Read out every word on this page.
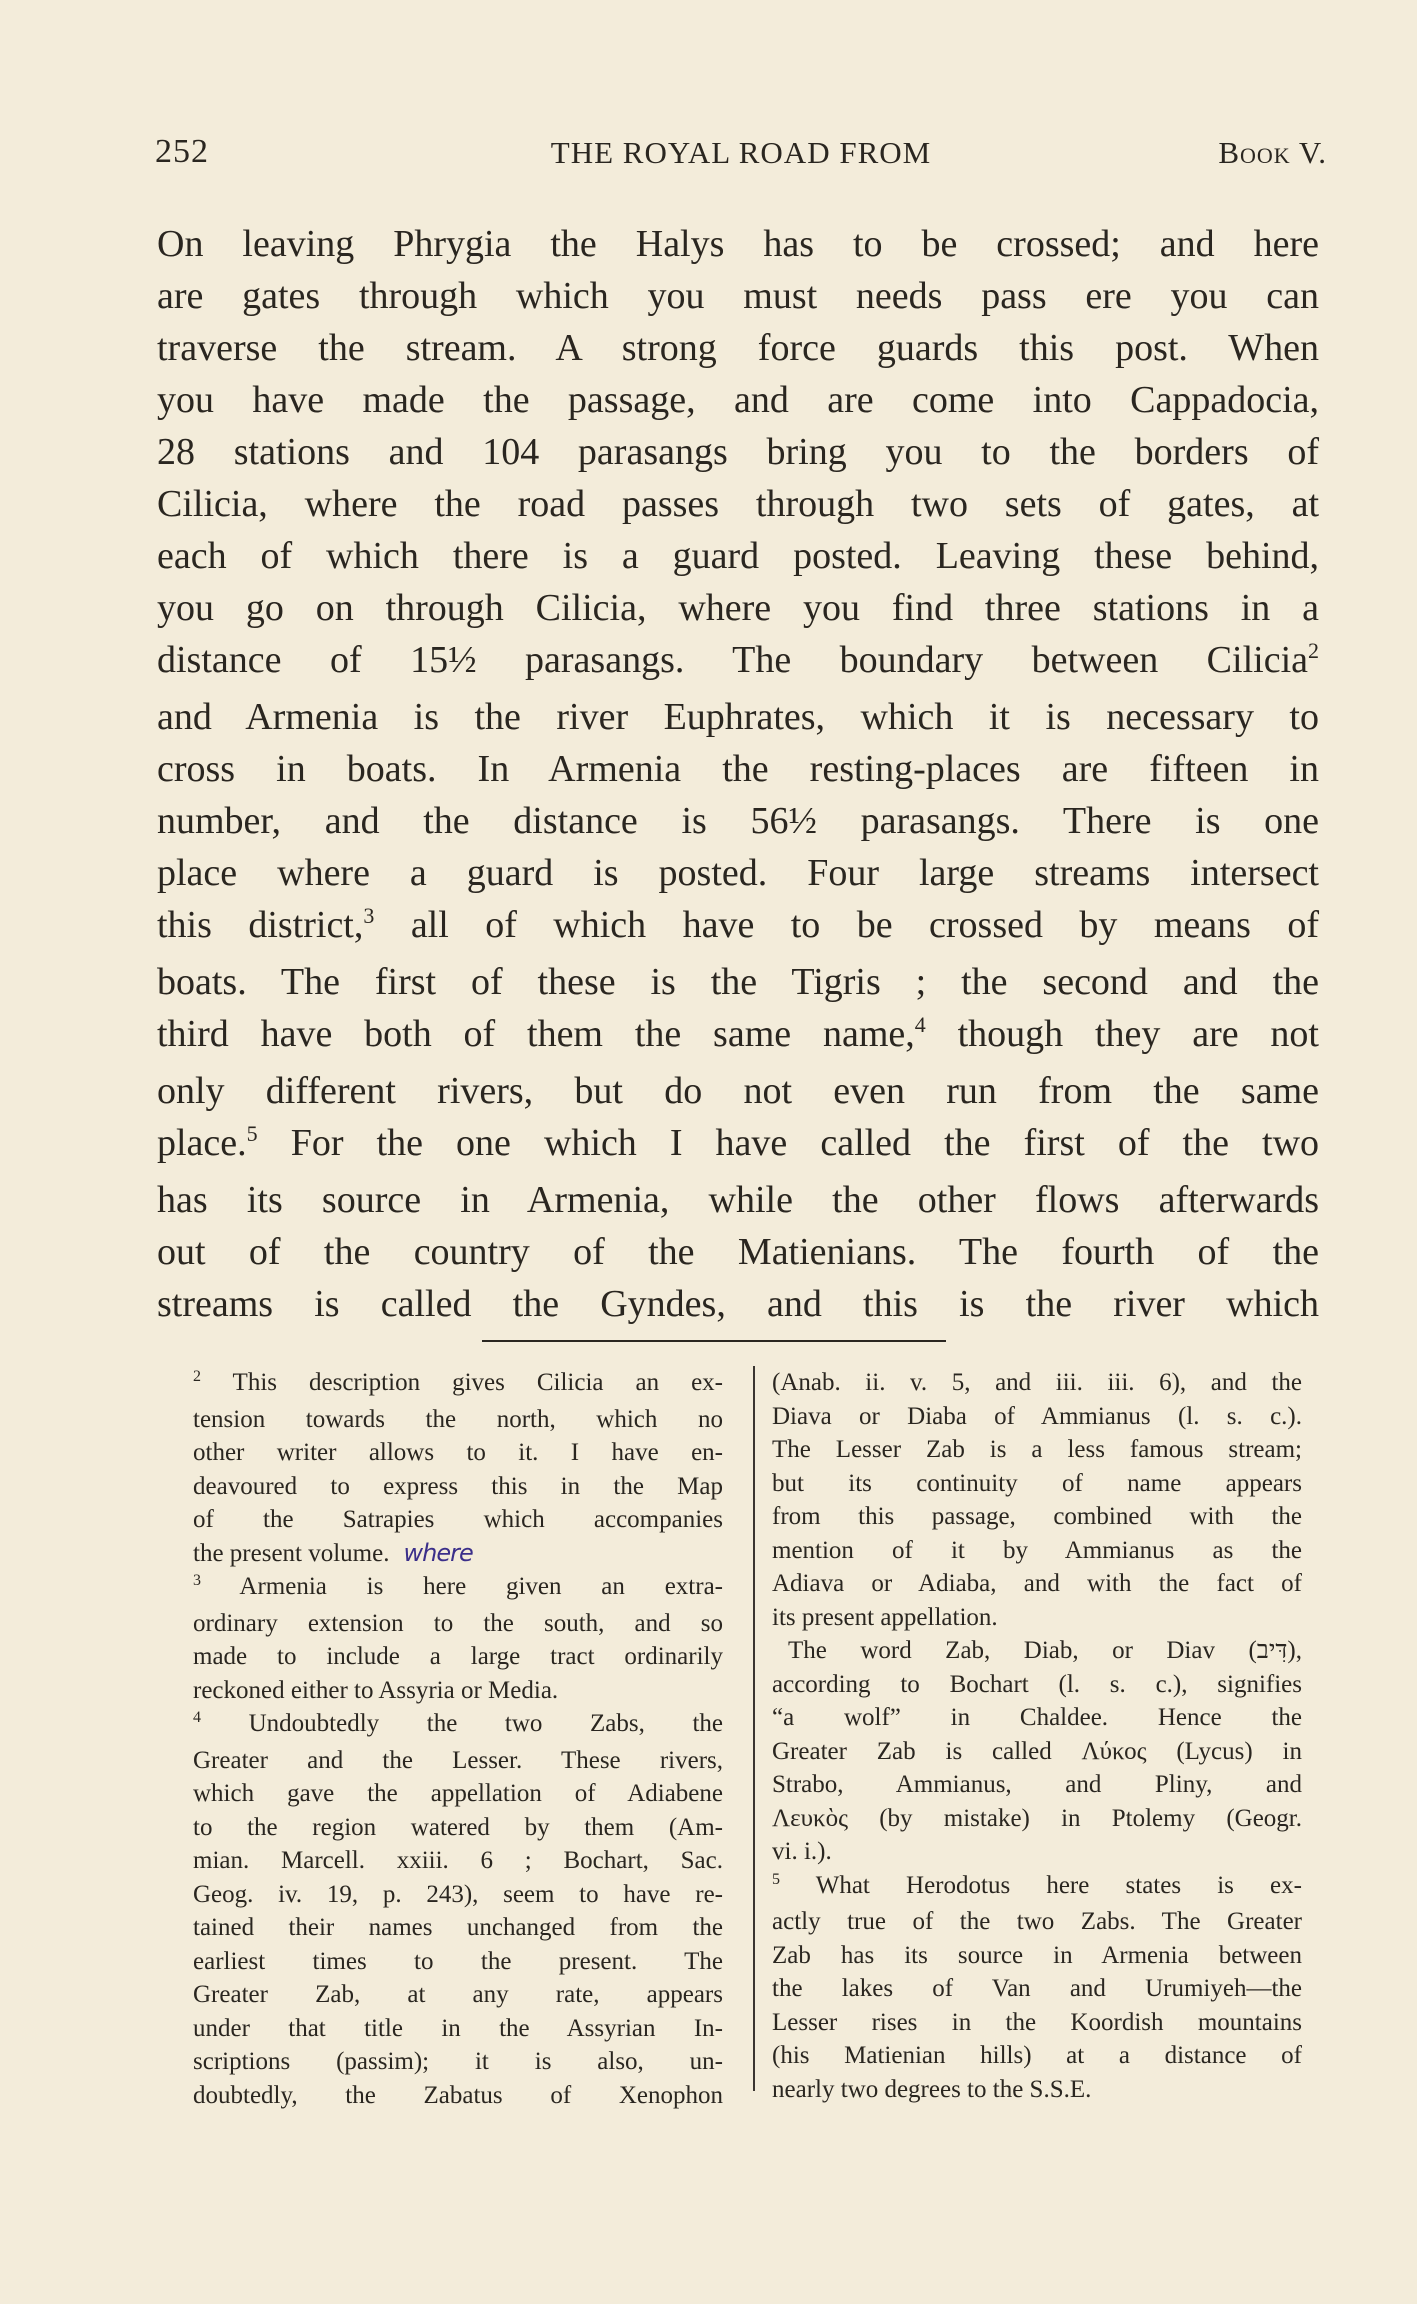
252	THE ROYAL ROAD FROM	Book V.
On leaving Phrygia the Halys has to be crossed; and here
are gates through which you must needs pass ere you can
traverse the stream. A strong force guards this post. When
you have made the passage, and are come into Cappadocia,
28 stations and 104 parasangs bring you to the borders of
Cilicia, where the road passes through two sets of gates, at
each of which there is a guard posted. Leaving these behind,
you go on through Cilicia, where you find three stations in a
distance of 15½ parasangs. The boundary between Cilicia$^2$
and Armenia is the river Euphrates, which it is necessary to
cross in boats. In Armenia the resting-places are fifteen in
number, and the distance is 56½ parasangs. There is one
place where a guard is posted. Four large streams intersect
this district,$^3$ all of which have to be crossed by means of
boats. The first of these is the Tigris ; the second and the
third have both of them the same name,$^4$ though they are not
only different rivers, but do not even run from the same
place.$^5$ For the one which I have called the first of the two
has its source in Armenia, while the other flows afterwards
out of the country of the Matienians. The fourth of the
streams is called the Gyndes, and this is the river which
$^2$ This description gives Cilicia an ex-
tension towards the north, which no
other writer allows to it. I have en-
deavoured to express this in the Map
of the Satrapies which accompanies
the present volume. where
$^3$ Armenia is here given an extra-
ordinary extension to the south, and so
made to include a large tract ordinarily
reckoned either to Assyria or Media.
$^4$ Undoubtedly the two Zabs, the
Greater and the Lesser. These rivers,
which gave the appellation of Adiabene
to the region watered by them (Am-
mian. Marcell. xxiii. 6 ; Bochart, Sac.
Geog. iv. 19, p. 243), seem to have re-
tained their names unchanged from the
earliest times to the present. The
Greater Zab, at any rate, appears
under that title in the Assyrian In-
scriptions (passim); it is also, un-
doubtedly, the Zabatus of Xenophon
(Anab. ii. v. 5, and iii. iii. 6), and the
Diava or Diaba of Ammianus (l. s. c.).
The Lesser Zab is a less famous stream;
but its continuity of name appears
from this passage, combined with the
mention of it by Ammianus as the
Adiava or Adiaba, and with the fact of
its present appellation.
The word Zab, Diab, or Diav (דִּיב),
according to Bochart (l. s. c.), signifies
“a wolf” in Chaldee. Hence the
Greater Zab is called Λύκος (Lycus) in
Strabo, Ammianus, and Pliny, and
Λευκὸς (by mistake) in Ptolemy (Geogr.
vi. i.).
$^5$ What Herodotus here states is ex-
actly true of the two Zabs. The Greater
Zab has its source in Armenia between
the lakes of Van and Urumiyeh—the
Lesser rises in the Koordish mountains
(his Matienian hills) at a distance of
nearly two degrees to the S.S.E.
